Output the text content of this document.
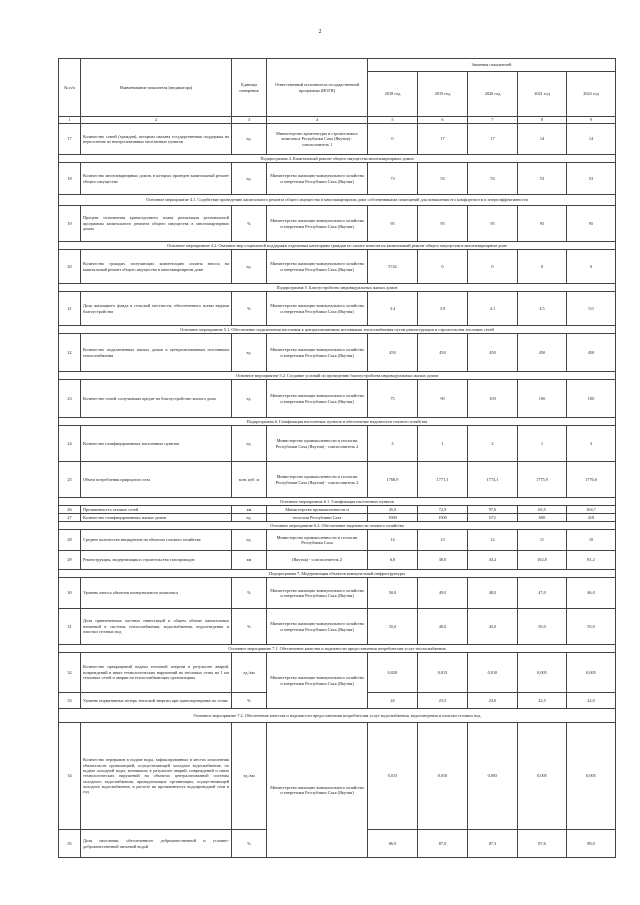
2
№ п/п	Наименование показателя (индикатора)	Единица измерения	Ответственный исполнитель государственной программы (ИОГВ)	Значения показателей				
				2018 год	2019 год	2020 год	2021 год	2022 год
1	2	3	4	5	6	7	8	9
17	Количество семей (граждан), которым оказана государственная поддержка на переселение из неперспективных населенных пунктов	ед.	Министерство архитектуры и строительного комплекса Республики Саха (Якутия) - соисполнитель 1	0	17	17	14	14
Подпрограмма 4. Капитальный ремонт общего имущества многоквартирных домов								
18	Количество многоквартирных домов, в которых проведен капитальный ремонт общего имущества	ед.	Министерство жилищно-коммунального хозяйства и энергетики Республики Саха (Якутия)	73	53	53	53	53
Основное мероприятие 4.1. Содействие проведению капитального ремонта общего имущества в многоквартирном доме собственниками помещений для повышения его комфортности и энергоэффективности								
19	Процент исполнения краткосрочного плана реализации региональной программы капитального ремонта общего имущества в многоквартирных домах	%	Министерство жилищно-коммунального хозяйства и энергетики Республики Саха (Якутия)	95	95	95	95	95
Основное мероприятие 4.2. Оказание мер социальной поддержки отдельным категориям граждан по оплате взносов на капитальный ремонт общего имущества в многоквартирном доме								
20	Количество граждан, получающих компенсацию оплаты взноса на капитальный ремонт общего имущества в многоквартирном доме	ед.	Министерство жилищно-коммунального хозяйства и энергетики Республики Саха (Якутия)	5742	0	0	0	0
Подпрограмма 5. Благоустройство индивидуальных жилых домов								
21	Доля жилищного фонда в сельской местности, обеспеченного всеми видами благоустройства	%	Министерство жилищно-коммунального хозяйства и энергетики Республики Саха (Якутия)	3.4	3.9	4.1	4.5	5.0
Основное мероприятие 5.1. Обеспечение подключения населения к централизованным источникам теплоснабжения путем реконструкции и строительства тепловых сетей								
22	Количество подключенных жилых домов к централизованным источникам теплоснабжения	ед.	Министерство жилищно-коммунального хозяйства и энергетики Республики Саха (Якутия)	450	450	450	450	450
Основное мероприятие 5.2. Создание условий по проведению благоустройства индивидуальных жилых домов								
23	Количество семей, получивших кредит на благоустройство жилого дома	ед.	Министерство жилищно-коммунального хозяйства и энергетики Республики Саха (Якутия)	75	90	100	100	100
Подпрограмма 6. Газификация населенных пунктов и обеспечение надежности газового хозяйства								
24	Количество газифицированных населенных пунктов	ед.	Министерство промышленности и геологии Республики Саха (Якутия) - соисполнитель 2	3	1	2	1	3
25	Объем потребления природного газа	млн. куб. м	Министерство промышленности и геологии Республики Саха (Якутия) - соисполнитель 2	1768,9	1771,1	1774,1	1775,9	1776,6
Основное мероприятие 6.1. Газификация населенных пунктов								
26	Протяженность газовых сетей	км	Министерство промышленности и	45,0	72,9	97,6	65,5	104,7
27	Количество газифицированных жилых домов	ед.	геологии Республики Саха	1900	1900	672	690	418
Основное мероприятие 6.2. Обеспечение надежности газового хозяйства								
28	Среднее количество инцидентов на объектах газового хозяйства	ед.	Министерство промышленности и геологии Республики Саха	14	13	12	11	10
29	Реконструкция, модернизация и строительство газопроводов	км	(Якутия) - соисполнитель 2	6,8	38,0	43,2	102,8	81,2
Подпрограмма 7. Модернизация объектов коммунальной инфраструктуры								
30	Уровень износа объектов коммунального комплекса	%	Министерство жилищно-коммунального хозяйства и энергетики Республики Саха (Якутия)	50,0	49,0	48,0	47,0	46,0
31	Доля привлеченных частных инвестиций в общем объеме капитальных вложений в системы теплоснабжения, водоснабжения, водоотведения и очистки сточных вод	%	Министерство жилищно-коммунального хозяйства и энергетики Республики Саха (Якутия)	35,0	40,0	45,0	50,0	55,0
Основное мероприятие 7.1. Обеспечение качества и надежности предоставления потребителям услуг теплоснабжения								
32	Количество прекращений подачи тепловой энергии в результате аварий, повреждений и иных технологических нарушений на тепловых сетях на 1 км тепловых сетей и аварии на теплоснабжающих организациях	ед./км	Министерство жилищно-коммунального хозяйства и энергетики Республики Саха (Якутия)	0,020	0,015	0,010	0,005	0,005
33	Уровень нормативных потерь тепловой энергии при транспортировке по сетям	%		24	23,5	23,0	22,5	22,0
Основное мероприятие 7.2. Обеспечение качества и надежности предоставления потребителям услуг водоснабжения, водоотведения и очистки сточных вод								
34	Количество перерывов в подаче воды, зафиксированных в местах исполнения обязательств организацией, осуществляющей холодное водоснабжение, по подаче холодной воды, возникших в результате аварий, повреждений и иных технологических нарушений на объектах централизованной системы холодного водоснабжения, принадлежащих организации, осуществляющей холодное водоснабжение, в расчете на протяженность водопроводной сети в год	ед./км	Министерство жилищно-коммунального хозяйства и энергетики Республики Саха (Якутия)	0,015	0,010	0,005	0,005	0,005
35	Доля населения, обеспеченного доброкачественной и условно-доброкачественной питьевой водой	%		86,9	87,0	87,3	87,6	88,0
